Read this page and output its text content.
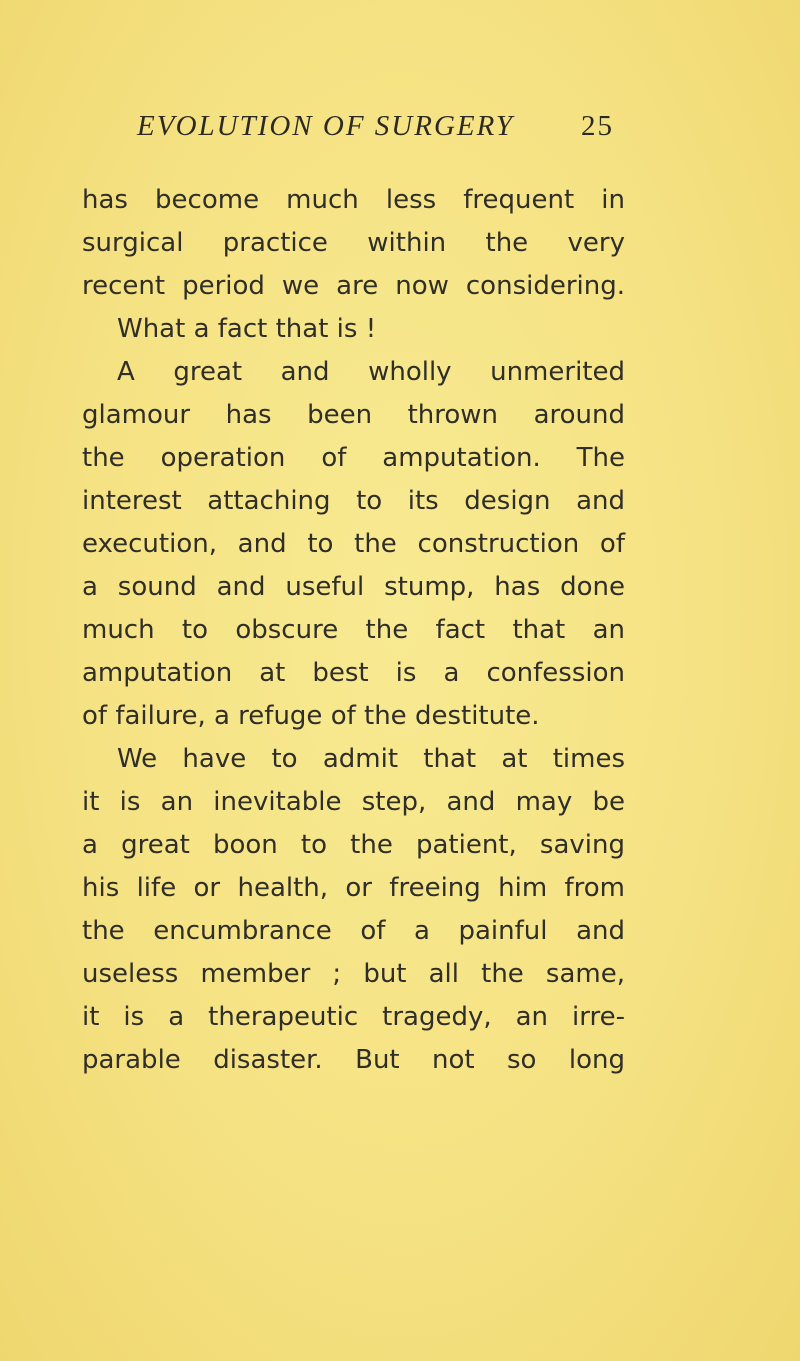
EVOLUTION OF SURGERY 25
has become much less frequent in
surgical practice within the very
recent period we are now considering.
What a fact that is !
A great and wholly unmerited
glamour has been thrown around
the operation of amputation. The
interest attaching to its design and
execution, and to the construction of
a sound and useful stump, has done
much to obscure the fact that an
amputation at best is a confession
of failure, a refuge of the destitute.
We have to admit that at times
it is an inevitable step, and may be
a great boon to the patient, saving
his life or health, or freeing him from
the encumbrance of a painful and
useless member ; but all the same,
it is a therapeutic tragedy, an irre-
parable disaster. But not so long
